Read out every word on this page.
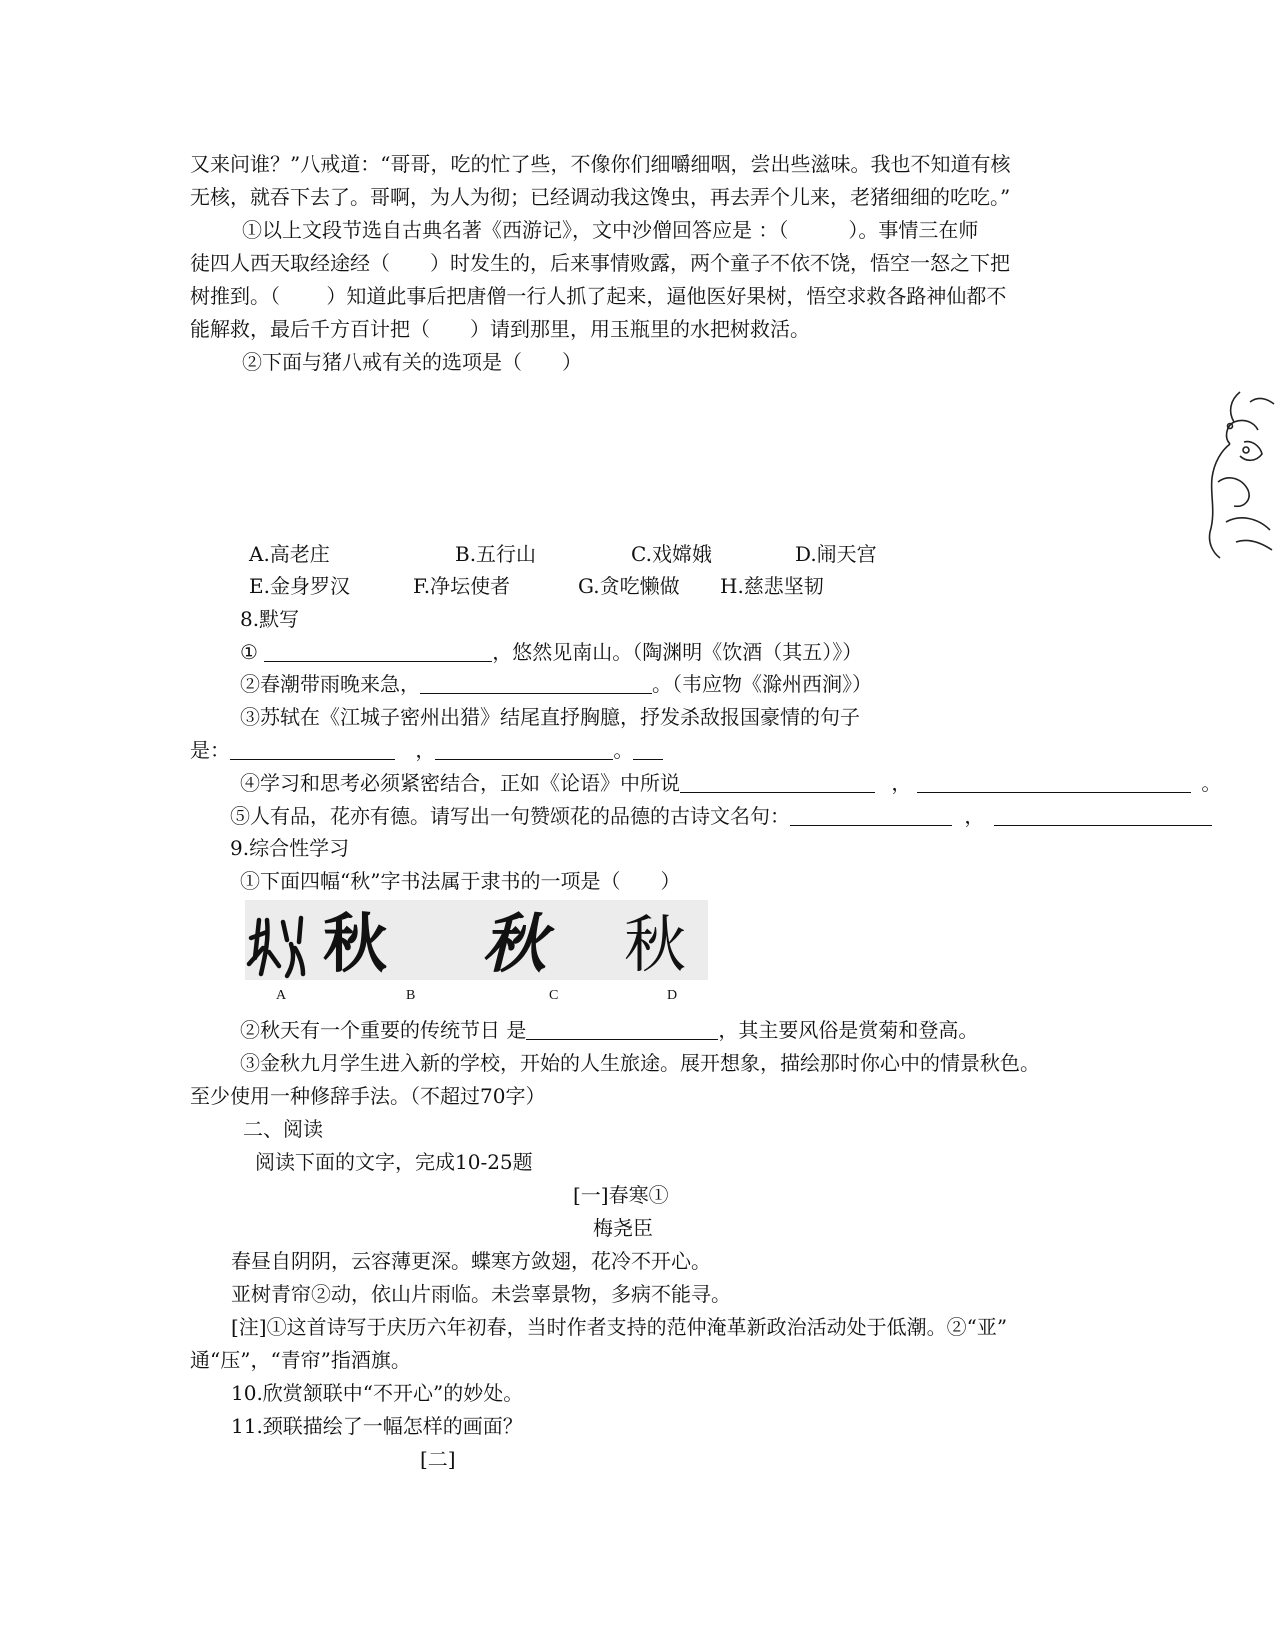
又来问谁？”八戒道：“哥哥，吃的忙了些，不像你们细嚼细咽，尝出些滋味。我也不知道有核
无核，就吞下去了。哥啊，为人为彻；已经调动我这馋虫，再去弄个儿来，老猪细细的吃吃。”
①以上文段节选自古典名著《西游记》，文中沙僧回答应是 ：（　　　）。事情三在师
徒四人西天取经途经（　　）时发生的，后来事情败露，两个童子不依不饶，悟空一怒之下把
树推到。（　　 ）知道此事后把唐僧一行人抓了起来，逼他医好果树，悟空求救各路神仙都不
能解救，最后千方百计把（　　）请到那里，用玉瓶里的水把树救活。
②下面与猪八戒有关的选项是（　　）
A.高老庄	B.五行山	C.戏嫦娥	D.闹天宫
E.金身罗汉	F.净坛使者	G.贪吃懒做 H.慈悲坚韧
8.默写
①	，悠然见南山。（陶渊明《饮酒（其五）》）
②春潮带雨晚来急，	。（韦应物《滁州西涧》）
③苏轼在《江城子密州出猎》结尾直抒胸臆，抒发杀敌报国豪情的句子
是：	，	。
④学习和思考必须紧密结合，正如《论语》中所说	，	。
⑤人有品，花亦有德。请写出一句赞颂花的品德的古诗文名句：	，
9.综合性学习
①下面四幅“秋”字书法属于隶书的一项是（　　）
秋 秋 秋
A	B	C	D
②秋天有一个重要的传统节日 是	，其主要风俗是赏菊和登高。
③金秋九月学生进入新的学校，开始的人生旅途。展开想象，描绘那时你心中的情景秋色。
至少使用一种修辞手法。（不超过70字）
二、阅读
阅读下面的文字，完成10-25题
[一]春寒①
梅尧臣
春昼自阴阴，云容薄更深。蝶寒方敛翅，花冷不开心。
亚树青帘②动，依山片雨临。未尝辜景物，多病不能寻。
[注]①这首诗写于庆历六年初春，当时作者支持的范仲淹革新政治活动处于低潮。②“亚”
通“压”，“青帘”指酒旗。
10.欣赏颔联中“不开心”的妙处。
11.颈联描绘了一幅怎样的画面？
[二]
